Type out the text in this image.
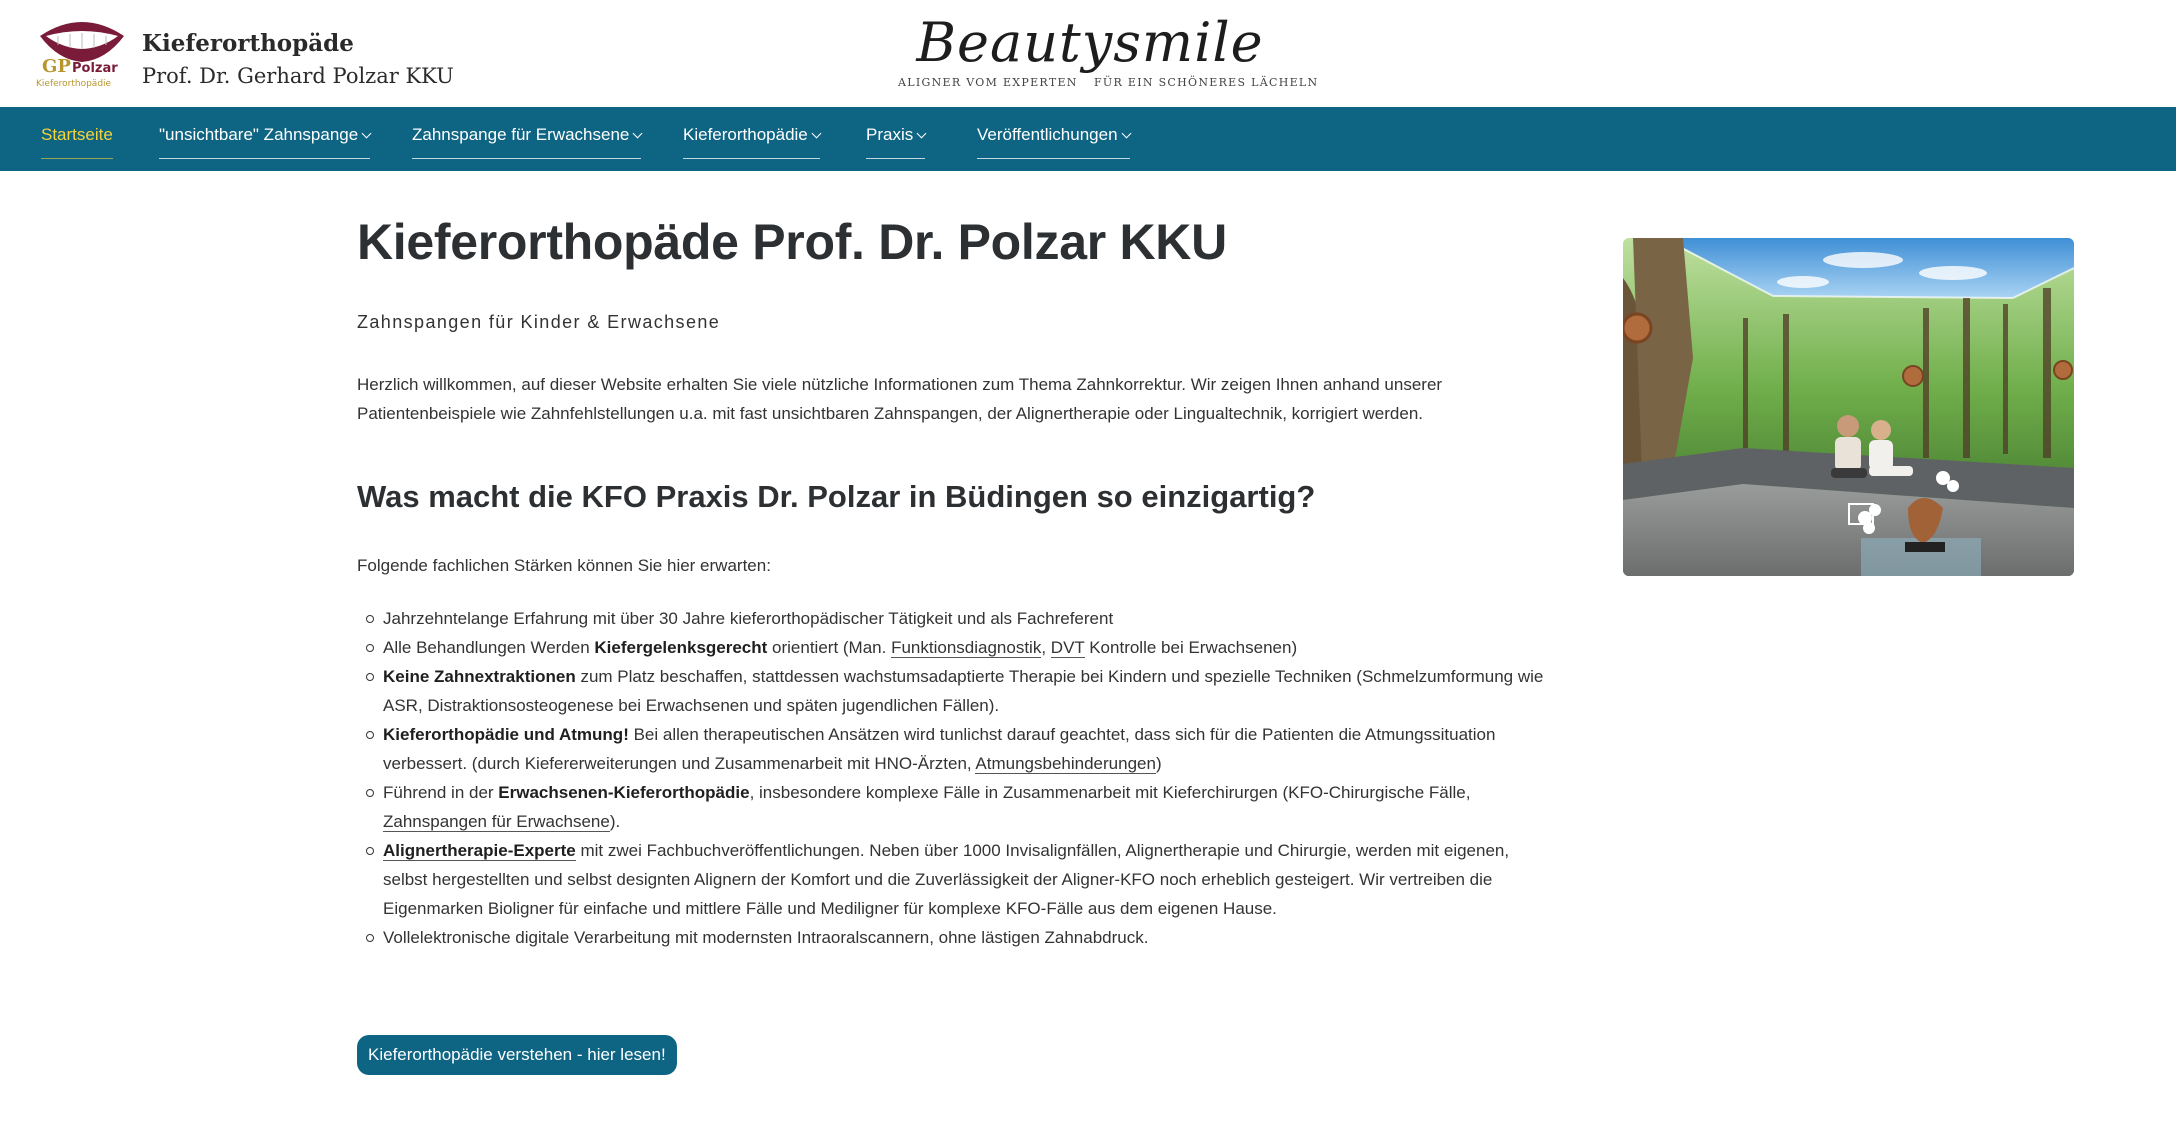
GP Polzar
Kieferorthopädie
Kieferorthopäde
Prof. Dr. Gerhard Polzar KKU
Beautysmile
ALIGNER VOM EXPERTEN FÜR EIN SCHÖNERES LÄCHELN
Startseite	"unsichtbare" Zahnspange	Zahnspange für Erwachsene	Kieferorthopädie	Praxis	Veröffentlichungen
Kieferorthopäde Prof. Dr. Polzar KKU
Zahnspangen für Kinder & Erwachsene

Herzlich willkommen, auf dieser Website erhalten Sie viele nützliche Informationen zum Thema Zahnkorrektur. Wir zeigen Ihnen anhand unserer Patientenbeispiele wie Zahnfehlstellungen u.a. mit fast unsichtbaren Zahnspangen, der Alignertherapie oder Lingualtechnik, korrigiert werden.

Was macht die KFO Praxis Dr. Polzar in Büdingen so einzigartig?
Folgende fachlichen Stärken können Sie hier erwarten:
Jahrzehntelange Erfahrung mit über 30 Jahre kieferorthopädischer Tätigkeit und als Fachreferent
Alle Behandlungen Werden Kiefergelenksgerecht orientiert (Man. Funktionsdiagnostik, DVT Kontrolle bei Erwachsenen)
Keine Zahnextraktionen zum Platz beschaffen, stattdessen wachstumsadaptierte Therapie bei Kindern und spezielle Techniken (Schmelzumformung wie ASR, Distraktionsosteogenese bei Erwachsenen und späten jugendlichen Fällen).
Kieferorthopädie und Atmung! Bei allen therapeutischen Ansätzen wird tunlichst darauf geachtet, dass sich für die Patienten die Atmungssituation verbessert. (durch Kiefererweiterungen und Zusammenarbeit mit HNO-Ärzten, Atmungsbehinderungen)
Führend in der Erwachsenen-Kieferorthopädie, insbesondere komplexe Fälle in Zusammenarbeit mit Kieferchirurgen (KFO-Chirurgische Fälle, Zahnspangen für Erwachsene).
Alignertherapie-Experte mit zwei Fachbuchveröffentlichungen. Neben über 1000 Invisalignfällen, Alignertherapie und Chirurgie, werden mit eigenen, selbst hergestellten und selbst designten Alignern der Komfort und die Zuverlässigkeit der Aligner-KFO noch erheblich gesteigert. Wir vertreiben die Eigenmarken Bioligner für einfache und mittlere Fälle und Mediligner für komplexe KFO-Fälle aus dem eigenen Hause.
Vollelektronische digitale Verarbeitung mit modernsten Intraoralscannern, ohne lästigen Zahnabdruck.
Kieferorthopädie verstehen - hier lesen!
